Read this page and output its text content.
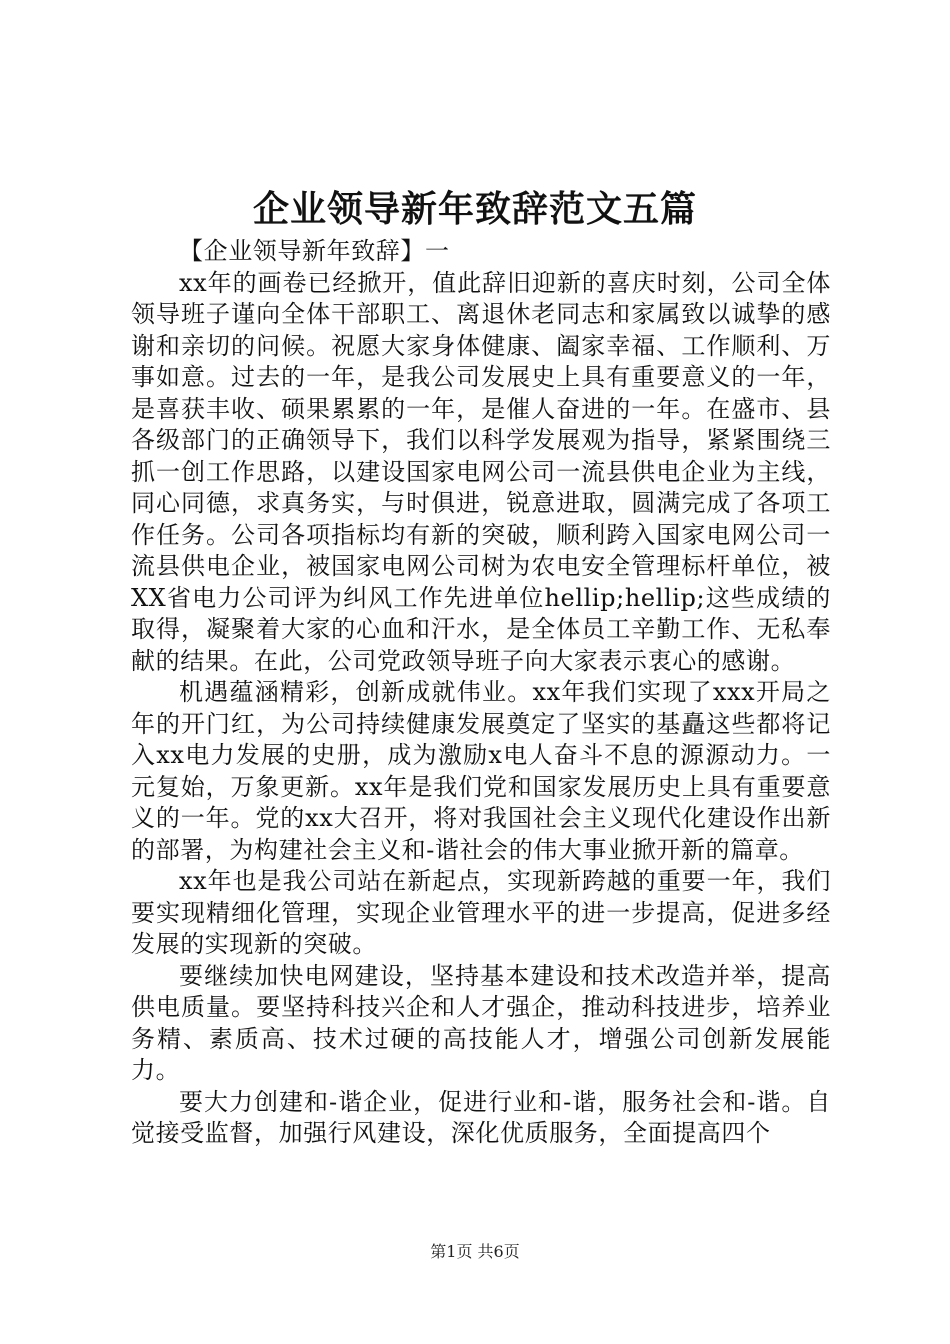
企业领导新年致辞范文五篇

【企业领导新年致辞】一

xx年的画卷已经掀开，值此辞旧迎新的喜庆时刻，公司全体领导班子谨向全体干部职工、离退休老同志和家属致以诚挚的感谢和亲切的问候。祝愿大家身体健康、阖家幸福、工作顺利、万事如意。过去的一年，是我公司发展史上具有重要意义的一年，是喜获丰收、硕果累累的一年，是催人奋进的一年。在盛市、县各级部门的正确领导下，我们以科学发展观为指导，紧紧围绕三抓一创工作思路，以建设国家电网公司一流县供电企业为主线，同心同德，求真务实，与时俱进，锐意进取，圆满完成了各项工作任务。公司各项指标均有新的突破，顺利跨入国家电网公司一流县供电企业，被国家电网公司树为农电安全管理标杆单位，被XX省电力公司评为纠风工作先进单位hellip;hellip;这些成绩的取得，凝聚着大家的心血和汗水，是全体员工辛勤工作、无私奉献的结果。在此，公司党政领导班子向大家表示衷心的感谢。

机遇蕴涵精彩，创新成就伟业。xx年我们实现了xxx开局之年的开门红，为公司持续健康发展奠定了坚实的基矗这些都将记入xx电力发展的史册，成为激励x电人奋斗不息的源源动力。一元复始，万象更新。xx年是我们党和国家发展历史上具有重要意义的一年。党的xx大召开，将对我国社会主义现代化建设作出新的部署，为构建社会主义和-谐社会的伟大事业掀开新的篇章。

xx年也是我公司站在新起点，实现新跨越的重要一年，我们要实现精细化管理，实现企业管理水平的进一步提高，促进多经发展的实现新的突破。

要继续加快电网建设，坚持基本建设和技术改造并举，提高供电质量。要坚持科技兴企和人才强企，推动科技进步，培养业务精、素质高、技术过硬的高技能人才，增强公司创新发展能力。

要大力创建和-谐企业，促进行业和-谐，服务社会和-谐。自觉接受监督，加强行风建设，深化优质服务，全面提高四个

第1页 共6页
